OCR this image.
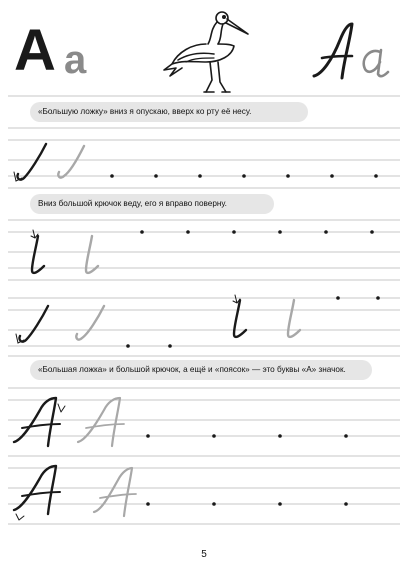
А а
«Большую ложку» вниз я опускаю, вверх ко рту её несу.
Вниз большой крючок веду, его я вправо поверну.
«Большая ложка» и большой крючок, а ещё и «поясок» — это буквы «А» значок.
5
